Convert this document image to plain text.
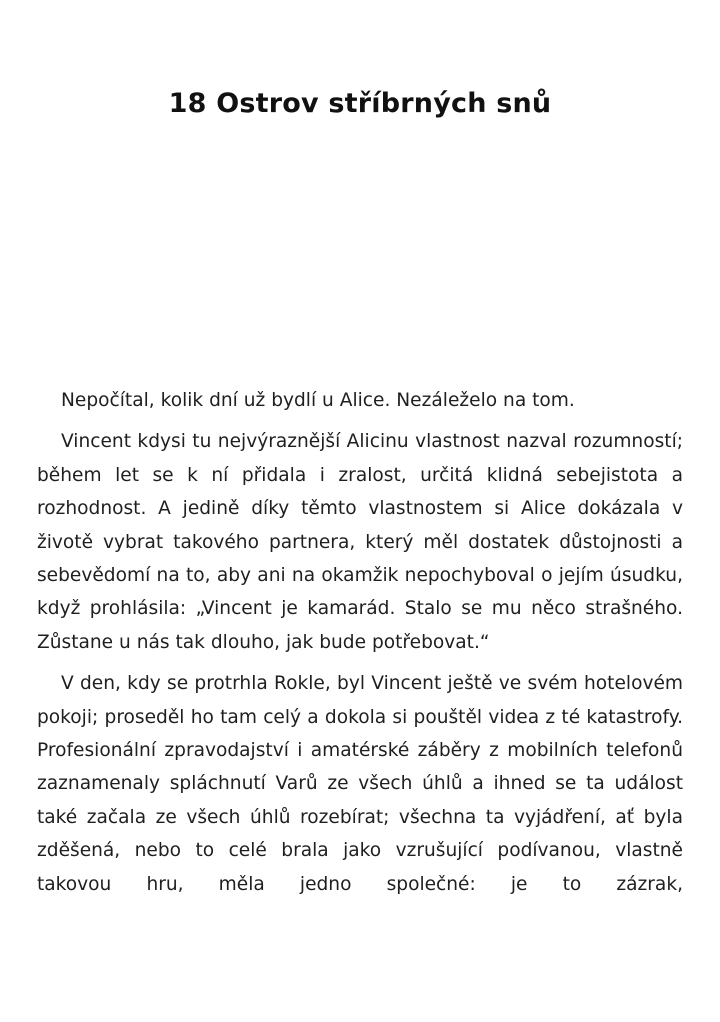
18 Ostrov stříbrných snů

Nepočítal, kolik dní už bydlí u Alice. Nezáleželo na tom.

Vincent kdysi tu nejvýraznější Alicinu vlastnost nazval rozumností; během let se k ní přidala i zralost, určitá klidná sebejistota a rozhodnost. A jedině díky těmto vlastnostem si Alice dokázala v životě vybrat takového partnera, který měl dostatek důstojnosti a sebevědomí na to, aby ani na okamžik nepochyboval o jejím úsudku, když prohlásila: „Vincent je kamarád. Stalo se mu něco strašného. Zůstane u nás tak dlouho, jak bude potřebovat.“

V den, kdy se protrhla Rokle, byl Vincent ještě ve svém hotelovém pokoji; proseděl ho tam celý a dokola si pouštěl videa z té katastrofy. Profesionální zpravodajství i amatérské záběry z mobilních telefonů zaznamenaly spláchnutí Varů ze všech úhlů a ihned se ta událost také začala ze všech úhlů rozebírat; všechna ta vyjádření, ať byla zděšená, nebo to celé brala jako vzrušující podívanou, vlastně takovou hru, měla jedno společné: je to zázrak,
